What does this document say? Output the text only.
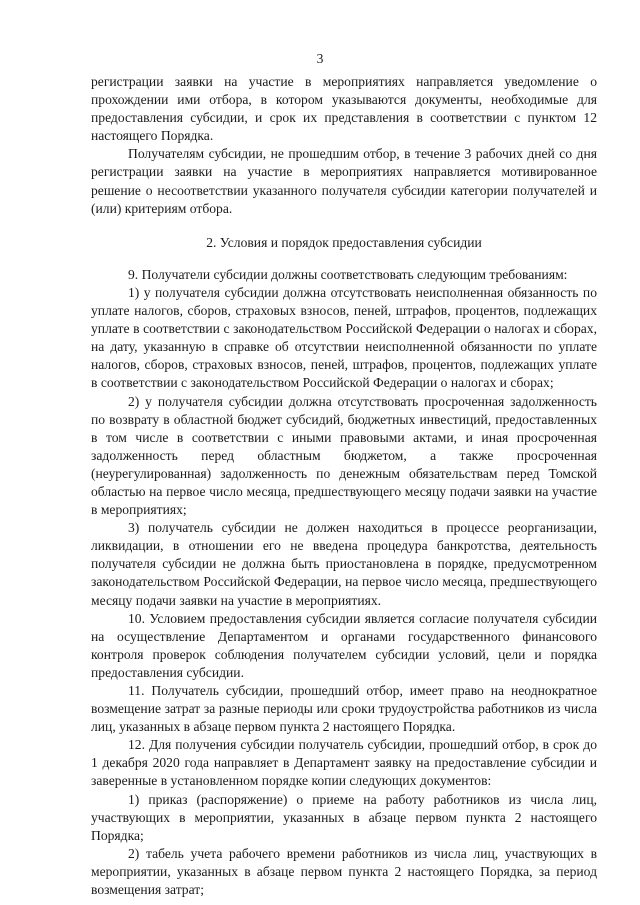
3

регистрации заявки на участие в мероприятиях направляется уведомление о прохождении ими отбора, в котором указываются документы, необходимые для предоставления субсидии, и срок их представления в соответствии с пунктом 12 настоящего Порядка.

Получателям субсидии, не прошедшим отбор, в течение 3 рабочих дней со дня регистрации заявки на участие в мероприятиях направляется мотивированное решение о несоответствии указанного получателя субсидии категории получателей и (или) критериям отбора.

2. Условия и порядок предоставления субсидии

9. Получатели субсидии должны соответствовать следующим требованиям:

1) у получателя субсидии должна отсутствовать неисполненная обязанность по уплате налогов, сборов, страховых взносов, пеней, штрафов, процентов, подлежащих уплате в соответствии с законодательством Российской Федерации о налогах и сборах, на дату, указанную в справке об отсутствии неисполненной обязанности по уплате налогов, сборов, страховых взносов, пеней, штрафов, процентов, подлежащих уплате в соответствии с законодательством Российской Федерации о налогах и сборах;

2) у получателя субсидии должна отсутствовать просроченная задолженность по возврату в областной бюджет субсидий, бюджетных инвестиций, предоставленных в том числе в соответствии с иными правовыми актами, и иная просроченная задолженность перед областным бюджетом, а также просроченная (неурегулированная) задолженность по денежным обязательствам перед Томской областью на первое число месяца, предшествующего месяцу подачи заявки на участие в мероприятиях;

3) получатель субсидии не должен находиться в процессе реорганизации, ликвидации, в отношении его не введена процедура банкротства, деятельность получателя субсидии не должна быть приостановлена в порядке, предусмотренном законодательством Российской Федерации, на первое число месяца, предшествующего месяцу подачи заявки на участие в мероприятиях.

10. Условием предоставления субсидии является согласие получателя субсидии на осуществление Департаментом и органами государственного финансового контроля проверок соблюдения получателем субсидии условий, цели и порядка предоставления субсидии.

11. Получатель субсидии, прошедший отбор, имеет право на неоднократное возмещение затрат за разные периоды или сроки трудоустройства работников из числа лиц, указанных в абзаце первом пункта 2 настоящего Порядка.

12. Для получения субсидии получатель субсидии, прошедший отбор, в срок до 1 декабря 2020 года направляет в Департамент заявку на предоставление субсидии и заверенные в установленном порядке копии следующих документов:

1) приказ (распоряжение) о приеме на работу работников из числа лиц, участвующих в мероприятии, указанных в абзаце первом пункта 2 настоящего Порядка;

2) табель учета рабочего времени работников из числа лиц, участвующих в мероприятии, указанных в абзаце первом пункта 2 настоящего Порядка, за период возмещения затрат;
